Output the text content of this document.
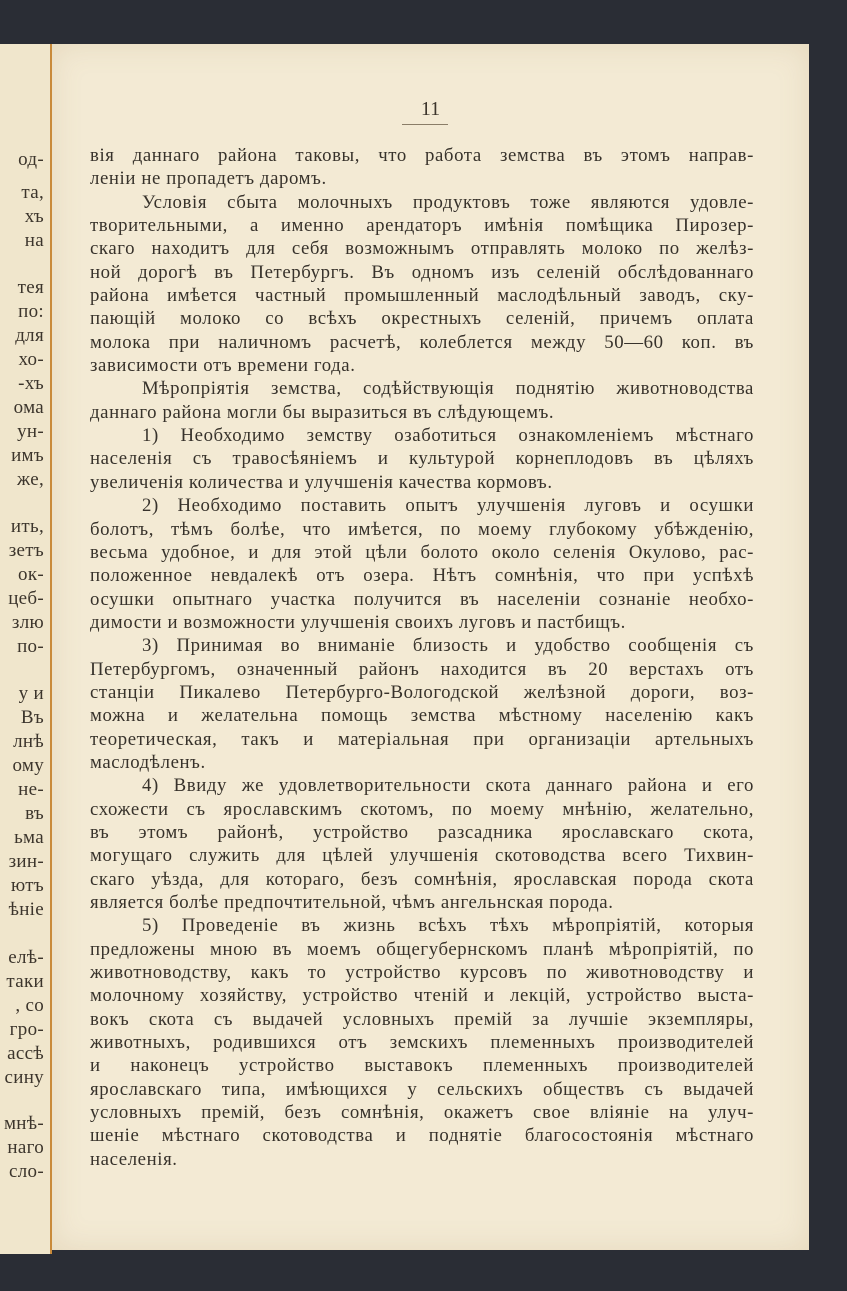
од-
та,
хъ
на
тея
по:
для
хо-
-хъ
ома
ун-
имъ
же,
ить,
зетъ
ок-
цеб-
злю
по-
у и
Въ
лнѣ
ому
не-
въ
ьма
зин-
ютъ
ѣніе
елѣ-
таки
, со
гро-
ассѣ
сину
мнѣ-
наго
сло-
11
вія даннаго района таковы, что работа земства въ этомъ направ-
леніи не пропадетъ даромъ.
Условія сбыта молочныхъ продуктовъ тоже являются удовле-
творительными, а именно арендаторъ имѣнія помѣщика Пирозер-
скаго находитъ для себя возможнымъ отправлять молоко по желѣз-
ной дорогѣ въ Петербургъ. Въ одномъ изъ селеній обслѣдованнаго
района имѣется частный промышленный маслодѣльный заводъ, ску-
пающій молоко со всѣхъ окрестныхъ селеній, причемъ оплата
молока при наличномъ расчетѣ, колеблется между 50—60 коп. въ
зависимости отъ времени года.
Мѣропріятія земства, содѣйствующія поднятію животноводства
даннаго района могли бы выразиться въ слѣдующемъ.
1) Необходимо земству озаботиться ознакомленіемъ мѣстнаго
населенія съ травосѣяніемъ и культурой корнеплодовъ въ цѣляхъ
увеличенія количества и улучшенія качества кормовъ.
2) Необходимо поставить опытъ улучшенія луговъ и осушки
болотъ, тѣмъ болѣе, что имѣется, по моему глубокому убѣжденію,
весьма удобное, и для этой цѣли болото около селенія Окулово, рас-
положенное невдалекѣ отъ озера. Нѣтъ сомнѣнія, что при успѣхѣ
осушки опытнаго участка получится въ населеніи сознаніе необхо-
димости и возможности улучшенія своихъ луговъ и пастбищъ.
3) Принимая во вниманіе близость и удобство сообщенія съ
Петербургомъ, означенный районъ находится въ 20 верстахъ отъ
станціи Пикалево Петербурго-Вологодской желѣзной дороги, воз-
можна и желательна помощь земства мѣстному населенію какъ
теоретическая, такъ и матеріальная при организаціи артельныхъ
маслодѣленъ.
4) Ввиду же удовлетворительности скота даннаго района и его
схожести съ ярославскимъ скотомъ, по моему мнѣнію, желательно,
въ этомъ районѣ, устройство разсадника ярославскаго скота,
могущаго служить для цѣлей улучшенія скотоводства всего Тихвин-
скаго уѣзда, для котораго, безъ сомнѣнія, ярославская порода скота
является болѣе предпочтительной, чѣмъ ангельнская порода.
5) Проведеніе въ жизнь всѣхъ тѣхъ мѣропріятій, которыя
предложены мною въ моемъ общегубернскомъ планѣ мѣропріятій, по
животноводству, какъ то устройство курсовъ по животноводству и
молочному хозяйству, устройство чтеній и лекцій, устройство выста-
вокъ скота съ выдачей условныхъ премій за лучшіе экземпляры,
животныхъ, родившихся отъ земскихъ племенныхъ производителей
и наконецъ устройство выставокъ племенныхъ производителей
ярославскаго типа, имѣющихся у сельскихъ обществъ съ выдачей
условныхъ премій, безъ сомнѣнія, окажетъ свое вліяніе на улуч-
шеніе мѣстнаго скотоводства и поднятіе благосостоянія мѣстнаго
населенія.
